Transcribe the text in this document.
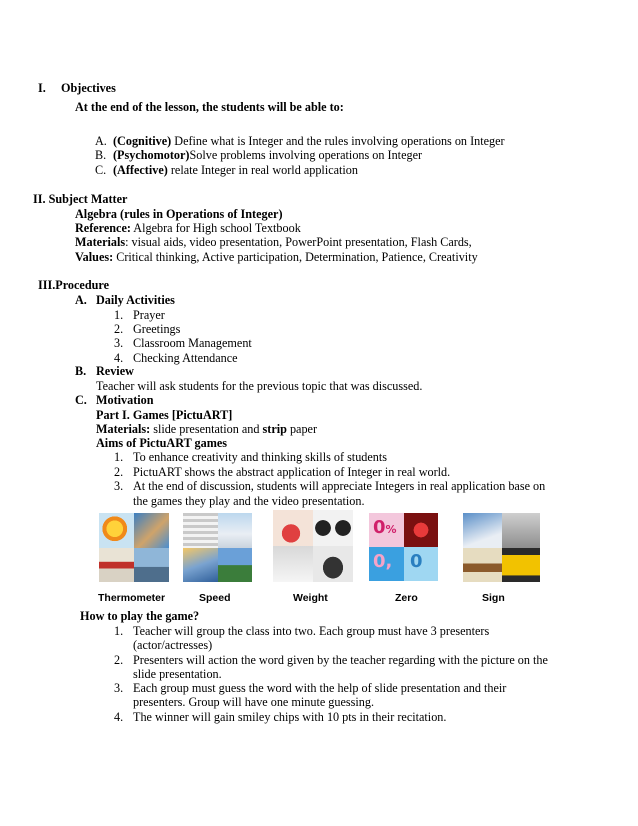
I. Objectives
At the end of the lesson, the students will be able to:
A. (Cognitive) Define what is Integer and the rules involving operations on Integer
B. (Psychomotor)Solve problems involving operations on Integer
C. (Affective) relate Integer in real world application
II. Subject Matter
Algebra (rules in Operations of Integer)
Reference: Algebra for High school Textbook
Materials: visual aids, video presentation, PowerPoint presentation, Flash Cards,
Values: Critical thinking, Active participation, Determination, Patience, Creativity
III.Procedure
A. Daily Activities
1. Prayer
2. Greetings
3. Classroom Management
4. Checking Attendance
B. Review
Teacher will ask students for the previous topic that was discussed.
C. Motivation
Part I. Games [PictuART]
Materials: slide presentation and strip paper
Aims of PictuART games
1. To enhance creativity and thinking skills of students
2. PictuART shows the abstract application of Integer in real world.
3. At the end of discussion, students will appreciate Integers in real application base on
the games they play and the video presentation.
0%
0, 0
Thermometer	Speed	Weight	Zero	Sign
How to play the game?
1. Teacher will group the class into two. Each group must have 3 presenters
(actor/actresses)
2. Presenters will action the word given by the teacher regarding with the picture on the
slide presentation.
3. Each group must guess the word with the help of slide presentation and their
presenters. Group will have one minute guessing.
4. The winner will gain smiley chips with 10 pts in their recitation.
